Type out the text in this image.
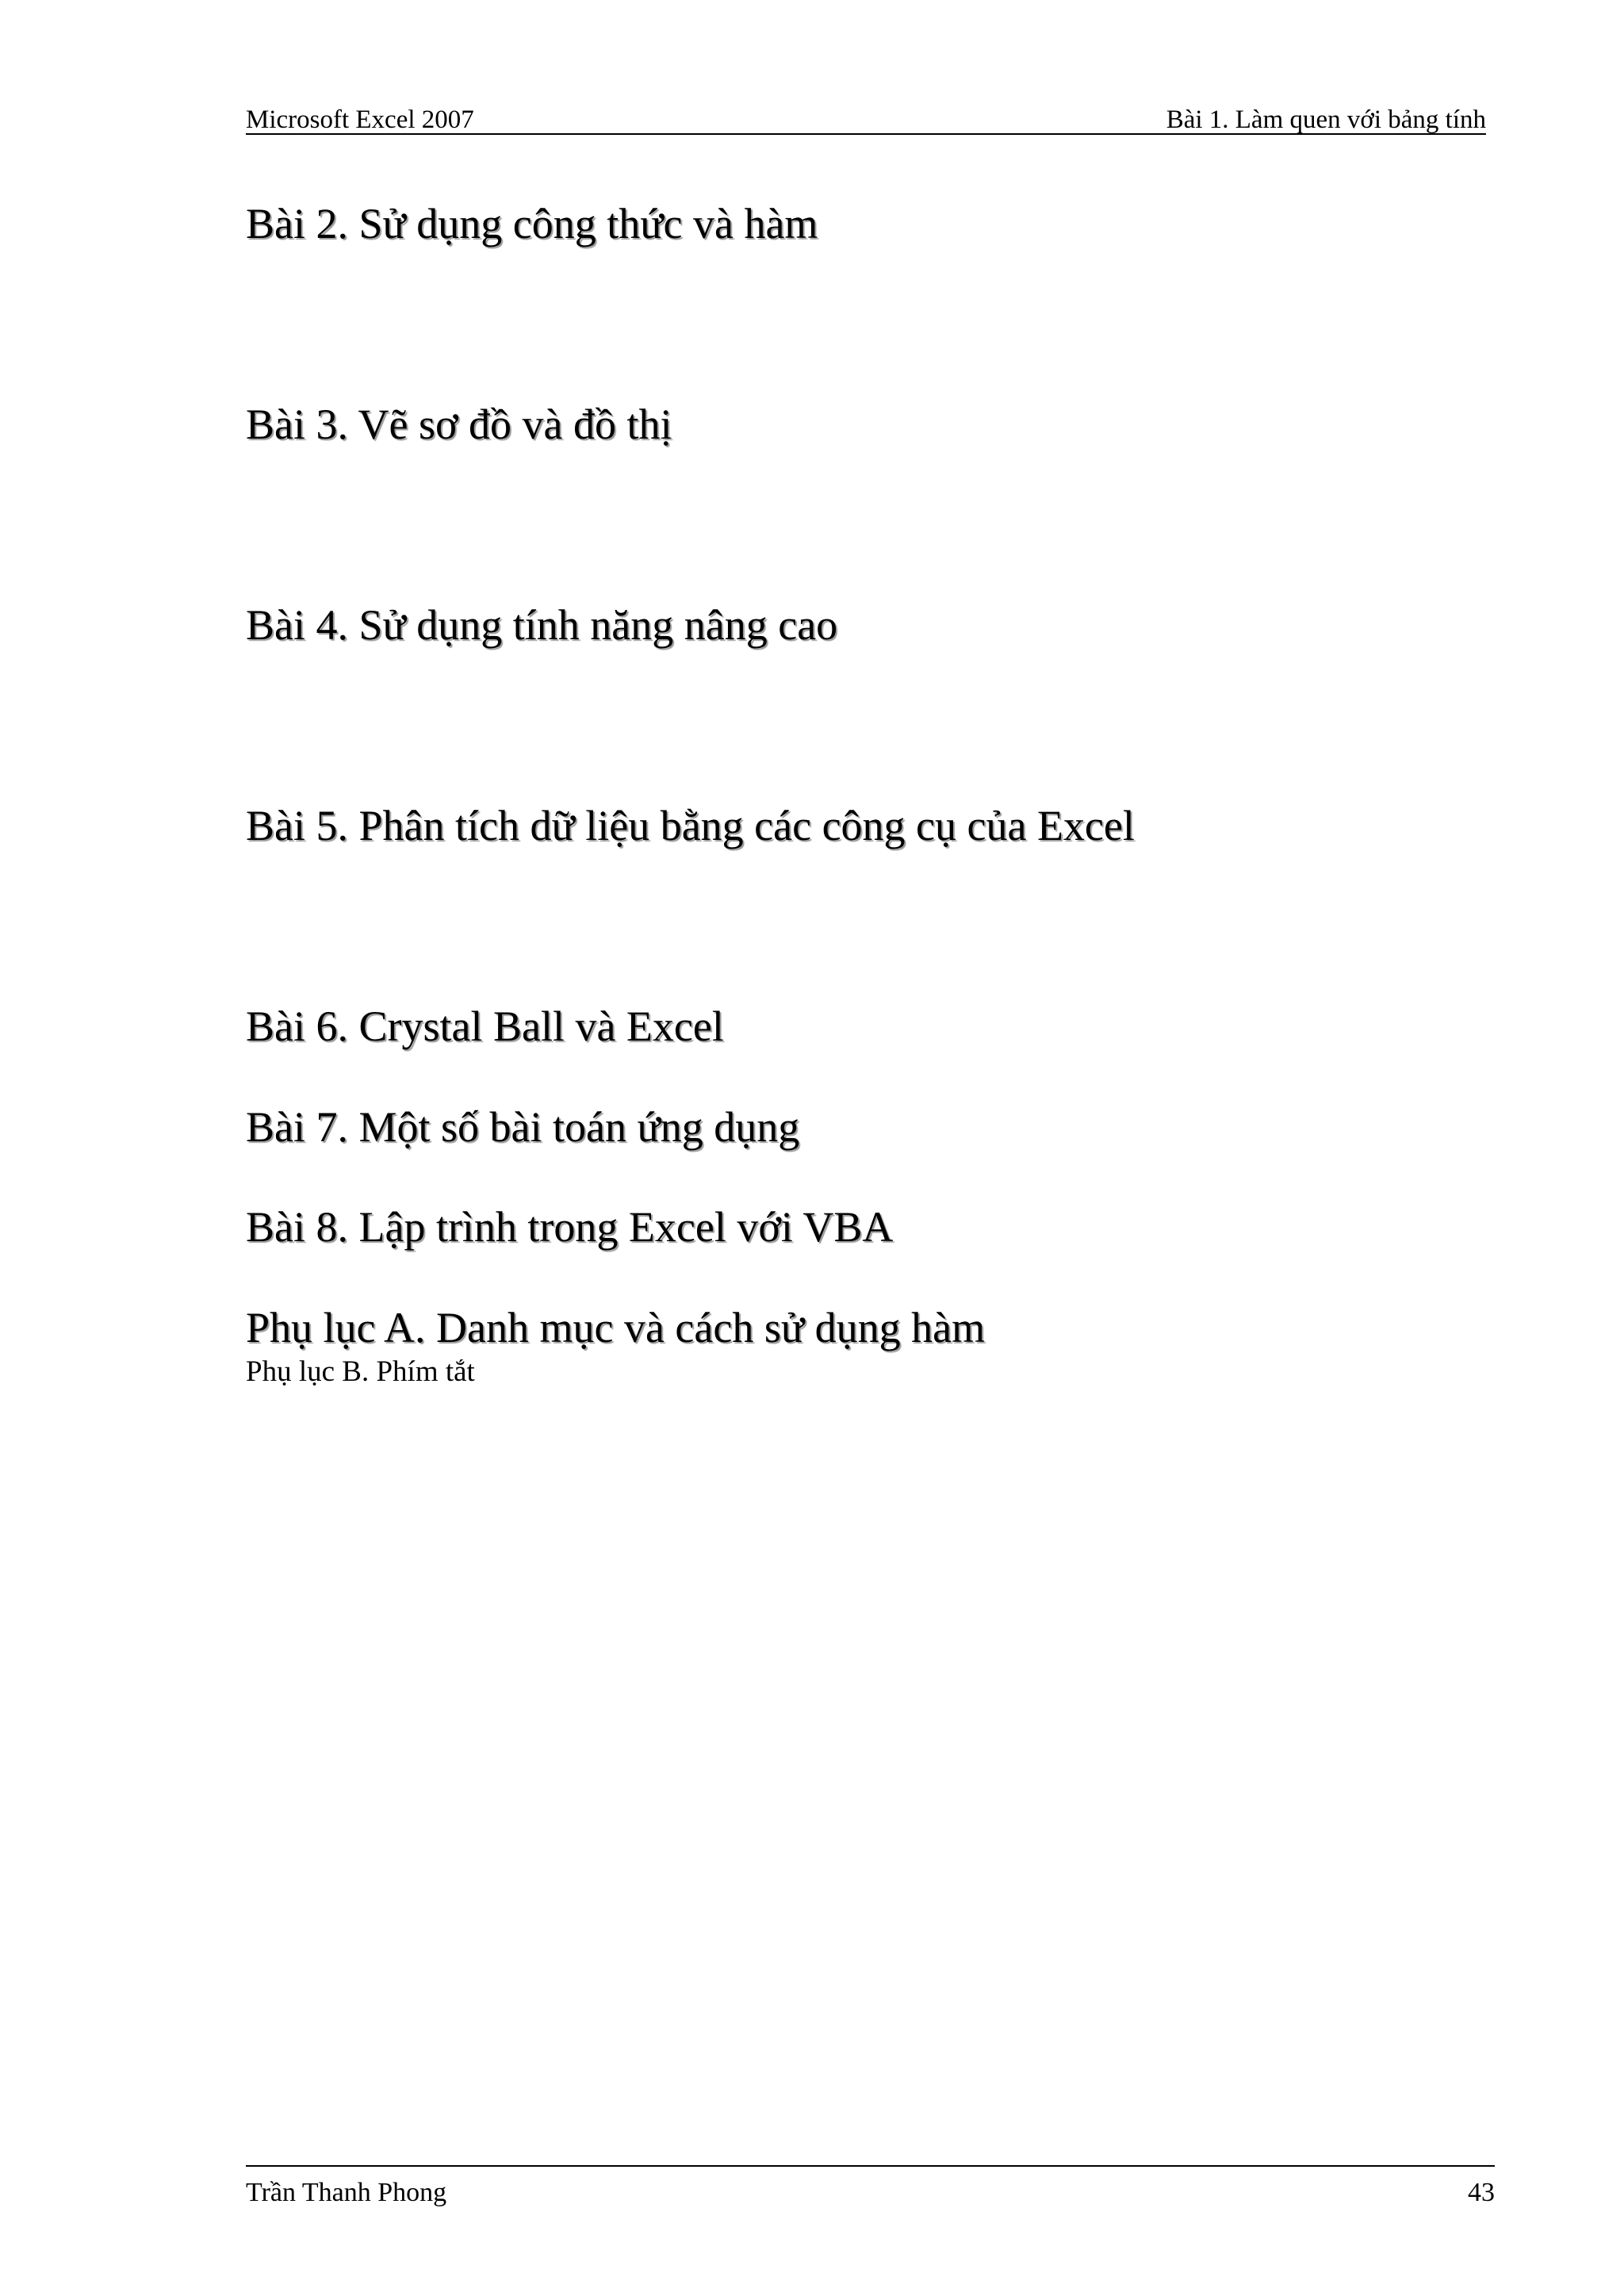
Microsoft Excel 2007	Bài 1. Làm quen với bảng tính
Bài 2. Sử dụng công thức và hàm
Bài 3. Vẽ sơ đồ và đồ thị
Bài 4. Sử dụng tính năng nâng cao
Bài 5. Phân tích dữ liệu bằng các công cụ của Excel
Bài 6. Crystal Ball và Excel
Bài 7. Một số bài toán ứng dụng
Bài 8. Lập trình trong Excel với VBA
Phụ lục A. Danh mục và cách sử dụng hàm
Phụ lục B. Phím tắt
Trần Thanh Phong	43
